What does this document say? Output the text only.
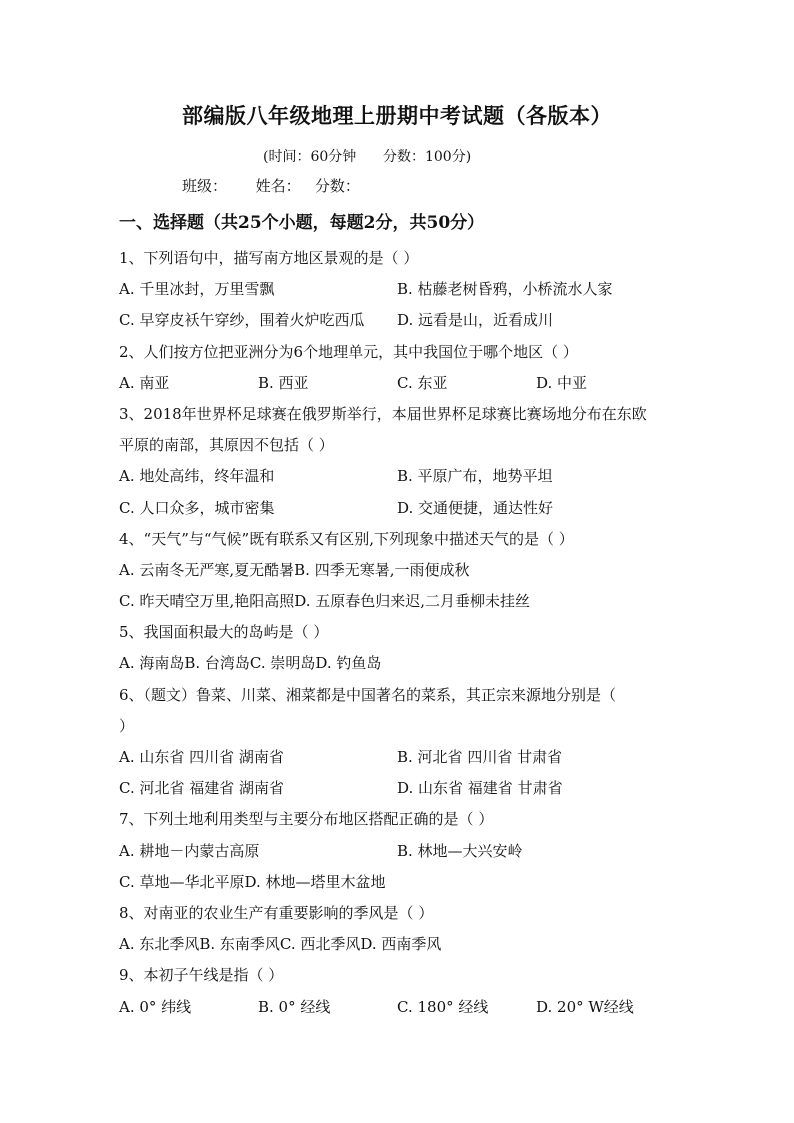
部编版八年级地理上册期中考试题（各版本）
(时间：60分钟      分数：100分)
班级：      姓名：   分数：
一、选择题（共25个小题，每题2分，共50分）
1、下列语句中，描写南方地区景观的是（ ）
A. 千里冰封，万里雪飘	B. 枯藤老树昏鸦，小桥流水人家
C. 早穿皮袄午穿纱，围着火炉吃西瓜 D. 远看是山，近看成川
2、人们按方位把亚洲分为6个地理单元，其中我国位于哪个地区（ ）
A. 南亚	B. 西亚	C. 东亚	D. 中亚
3、2018年世界杯足球赛在俄罗斯举行，本届世界杯足球赛比赛场地分布在东欧
平原的南部，其原因不包括（ ）
A. 地处高纬，终年温和	B. 平原广布，地势平坦
C. 人口众多，城市密集	D. 交通便捷，通达性好
4、“天气”与“气候”既有联系又有区别,下列现象中描述天气的是（ ）
A. 云南冬无严寒,夏无酷暑B. 四季无寒暑,一雨便成秋
C. 昨天晴空万里,艳阳高照D. 五原春色归来迟,二月垂柳未挂丝
5、我国面积最大的岛屿是（ ）
A. 海南岛B. 台湾岛C. 崇明岛D. 钓鱼岛
6、（题文）鲁菜、川菜、湘菜都是中国著名的菜系，其正宗来源地分别是（
）
A. 山东省 四川省 湖南省	B. 河北省 四川省 甘肃省
C. 河北省 福建省 湖南省	D. 山东省 福建省 甘肃省
7、下列土地利用类型与主要分布地区搭配正确的是（ ）
A. 耕地－内蒙古高原	B. 林地—大兴安岭
C. 草地—华北平原D. 林地—塔里木盆地
8、对南亚的农业生产有重要影响的季风是（ ）
A. 东北季风B. 东南季风C. 西北季风D. 西南季风
9、本初子午线是指（ ）
A. 0° 纬线	B. 0° 经线	C. 180° 经线	D. 20° W经线
